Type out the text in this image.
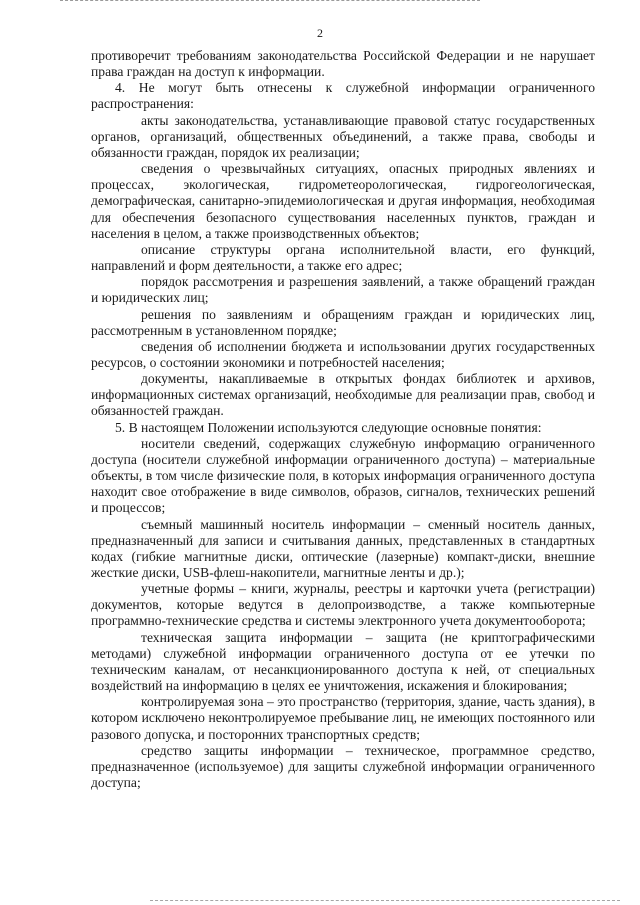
2

противоречит требованиям законодательства Российской Федерации и не нарушает права граждан на доступ к информации.

4. Не могут быть отнесены к служебной информации ограниченного распространения:

акты законодательства, устанавливающие правовой статус государственных органов, организаций, общественных объединений, а также права, свободы и обязанности граждан, порядок их реализации;

сведения о чрезвычайных ситуациях, опасных природных явлениях и процессах, экологическая, гидрометеорологическая, гидрогеологическая, демографическая, санитарно-эпидемиологическая и другая информация, необходимая для обеспечения безопасного существования населенных пунктов, граждан и населения в целом, а также производственных объектов;

описание структуры органа исполнительной власти, его функций, направлений и форм деятельности, а также его адрес;

порядок рассмотрения и разрешения заявлений, а также обращений граждан и юридических лиц;

решения по заявлениям и обращениям граждан и юридических лиц, рассмотренным в установленном порядке;

сведения об исполнении бюджета и использовании других государственных ресурсов, о состоянии экономики и потребностей населения;

документы, накапливаемые в открытых фондах библиотек и архивов, информационных системах организаций, необходимые для реализации прав, свобод и обязанностей граждан.

5. В настоящем Положении используются следующие основные понятия:

носители сведений, содержащих служебную информацию ограниченного доступа (носители служебной информации ограниченного доступа) – материальные объекты, в том числе физические поля, в которых информация ограниченного доступа находит свое отображение в виде символов, образов, сигналов, технических решений и процессов;

съемный машинный носитель информации – сменный носитель данных, предназначенный для записи и считывания данных, представленных в стандартных кодах (гибкие магнитные диски, оптические (лазерные) компакт-диски, внешние жесткие диски, USB-флеш-накопители, магнитные ленты и др.);

учетные формы – книги, журналы, реестры и карточки учета (регистрации) документов, которые ведутся в делопроизводстве, а также компьютерные программно-технические средства и системы электронного учета документооборота;

техническая защита информации – защита (не криптографическими методами) служебной информации ограниченного доступа от ее утечки по техническим каналам, от несанкционированного доступа к ней, от специальных воздействий на информацию в целях ее уничтожения, искажения и блокирования;

контролируемая зона – это пространство (территория, здание, часть здания), в котором исключено неконтролируемое пребывание лиц, не имеющих постоянного или разового допуска, и посторонних транспортных средств;

средство защиты информации – техническое, программное средство, предназначенное (используемое) для защиты служебной информации ограниченного доступа;
